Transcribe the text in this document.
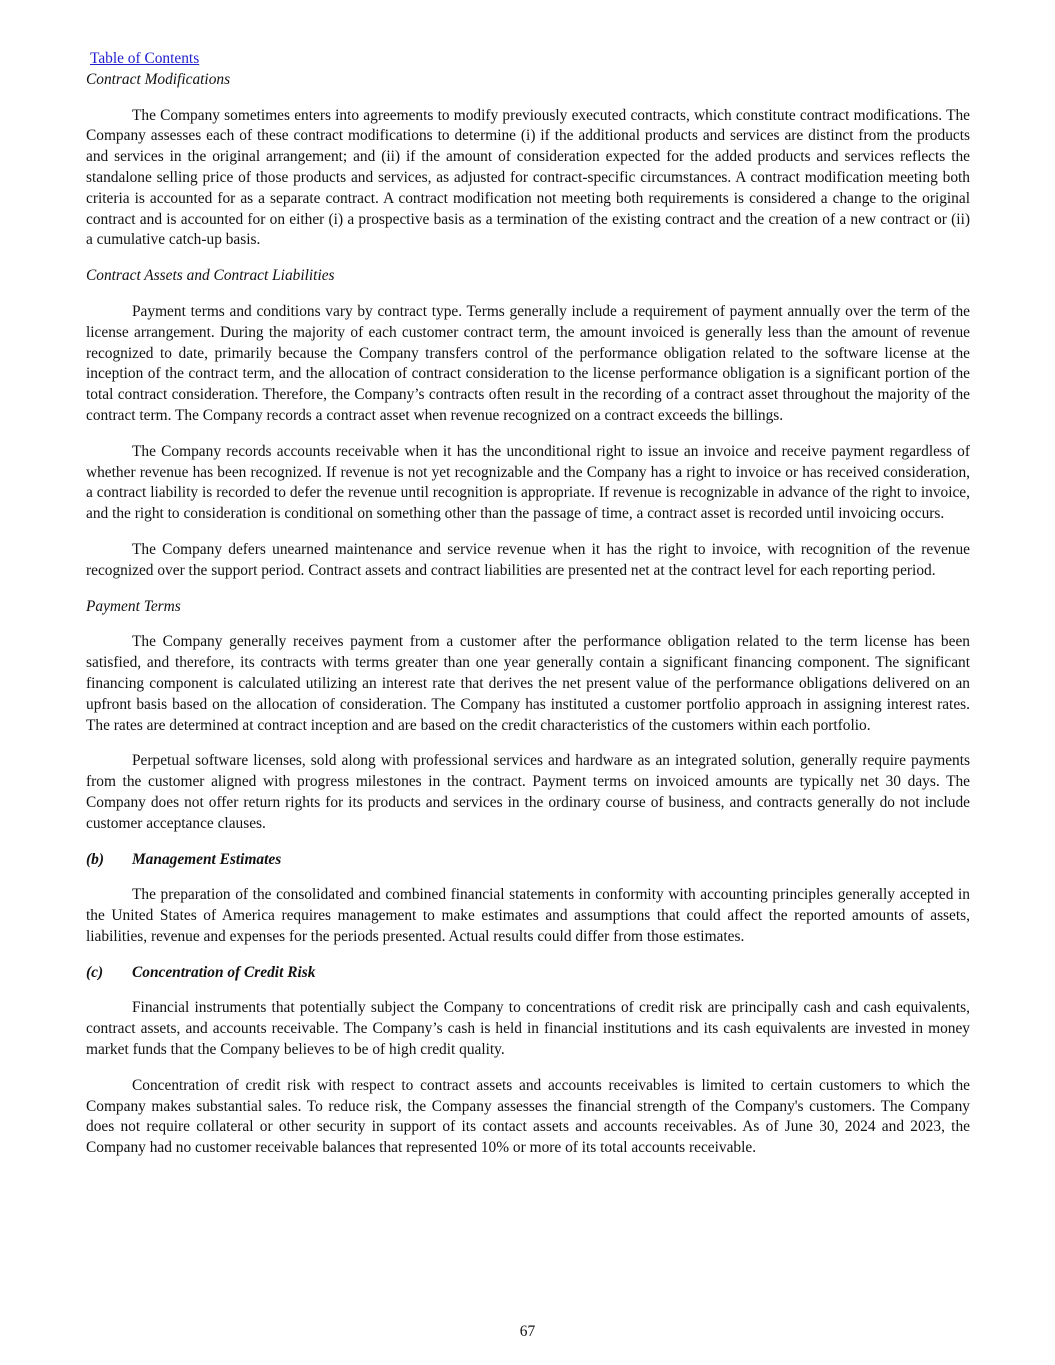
Table of Contents
Contract Modifications

The Company sometimes enters into agreements to modify previously executed contracts, which constitute contract modifications. The Company assesses each of these contract modifications to determine (i) if the additional products and services are distinct from the products and services in the original arrangement; and (ii) if the amount of consideration expected for the added products and services reflects the standalone selling price of those products and services, as adjusted for contract-specific circumstances. A contract modification meeting both criteria is accounted for as a separate contract. A contract modification not meeting both requirements is considered a change to the original contract and is accounted for on either (i) a prospective basis as a termination of the existing contract and the creation of a new contract or (ii) a cumulative catch-up basis.

Contract Assets and Contract Liabilities

Payment terms and conditions vary by contract type. Terms generally include a requirement of payment annually over the term of the license arrangement. During the majority of each customer contract term, the amount invoiced is generally less than the amount of revenue recognized to date, primarily because the Company transfers control of the performance obligation related to the software license at the inception of the contract term, and the allocation of contract consideration to the license performance obligation is a significant portion of the total contract consideration. Therefore, the Company’s contracts often result in the recording of a contract asset throughout the majority of the contract term. The Company records a contract asset when revenue recognized on a contract exceeds the billings.

The Company records accounts receivable when it has the unconditional right to issue an invoice and receive payment regardless of whether revenue has been recognized. If revenue is not yet recognizable and the Company has a right to invoice or has received consideration, a contract liability is recorded to defer the revenue until recognition is appropriate. If revenue is recognizable in advance of the right to invoice, and the right to consideration is conditional on something other than the passage of time, a contract asset is recorded until invoicing occurs.

The Company defers unearned maintenance and service revenue when it has the right to invoice, with recognition of the revenue recognized over the support period. Contract assets and contract liabilities are presented net at the contract level for each reporting period.

Payment Terms

The Company generally receives payment from a customer after the performance obligation related to the term license has been satisfied, and therefore, its contracts with terms greater than one year generally contain a significant financing component. The significant financing component is calculated utilizing an interest rate that derives the net present value of the performance obligations delivered on an upfront basis based on the allocation of consideration. The Company has instituted a customer portfolio approach in assigning interest rates. The rates are determined at contract inception and are based on the credit characteristics of the customers within each portfolio.

Perpetual software licenses, sold along with professional services and hardware as an integrated solution, generally require payments from the customer aligned with progress milestones in the contract. Payment terms on invoiced amounts are typically net 30 days. The Company does not offer return rights for its products and services in the ordinary course of business, and contracts generally do not include customer acceptance clauses.

(b) Management Estimates

The preparation of the consolidated and combined financial statements in conformity with accounting principles generally accepted in the United States of America requires management to make estimates and assumptions that could affect the reported amounts of assets, liabilities, revenue and expenses for the periods presented. Actual results could differ from those estimates.

(c) Concentration of Credit Risk

Financial instruments that potentially subject the Company to concentrations of credit risk are principally cash and cash equivalents, contract assets, and accounts receivable. The Company’s cash is held in financial institutions and its cash equivalents are invested in money market funds that the Company believes to be of high credit quality.

Concentration of credit risk with respect to contract assets and accounts receivables is limited to certain customers to which the Company makes substantial sales. To reduce risk, the Company assesses the financial strength of the Company's customers. The Company does not require collateral or other security in support of its contact assets and accounts receivables. As of June 30, 2024 and 2023, the Company had no customer receivable balances that represented 10% or more of its total accounts receivable.

67
